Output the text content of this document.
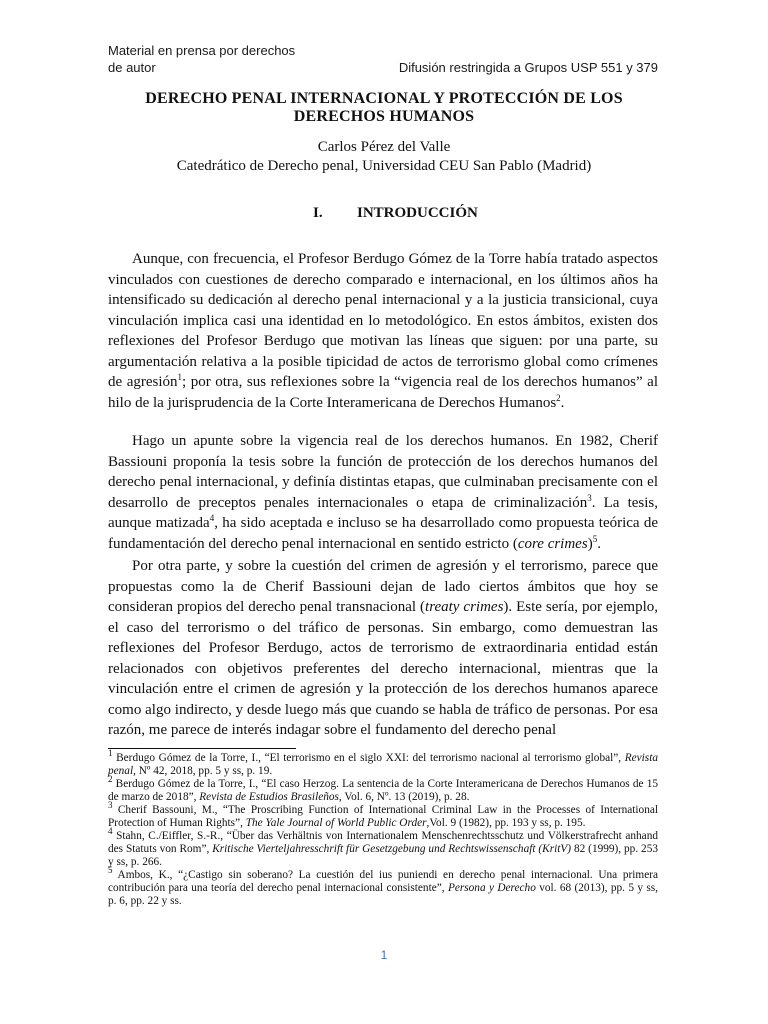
Material en prensa por derechos
de autor	Difusión restringida a Grupos USP 551 y 379
DERECHO PENAL INTERNACIONAL Y PROTECCIÓN DE LOS
DERECHOS HUMANOS
Carlos Pérez del Valle
Catedrático de Derecho penal, Universidad CEU San Pablo (Madrid)
I. INTRODUCCIÓN

Aunque, con frecuencia, el Profesor Berdugo Gómez de la Torre había tratado aspectos vinculados con cuestiones de derecho comparado e internacional, en los últimos años ha intensificado su dedicación al derecho penal internacional y a la justicia transicional, cuya vinculación implica casi una identidad en lo metodológico. En estos ámbitos, existen dos reflexiones del Profesor Berdugo que motivan las líneas que siguen: por una parte, su argumentación relativa a la posible tipicidad de actos de terrorismo global como crímenes de agresión$^1$; por otra, sus reflexiones sobre la “vigencia real de los derechos humanos” al hilo de la jurisprudencia de la Corte Interamericana de Derechos Humanos$^2$.

Hago un apunte sobre la vigencia real de los derechos humanos. En 1982, Cherif Bassiouni proponía la tesis sobre la función de protección de los derechos humanos del derecho penal internacional, y definía distintas etapas, que culminaban precisamente con el desarrollo de preceptos penales internacionales o etapa de criminalización$^3$. La tesis, aunque matizada$^4$, ha sido aceptada e incluso se ha desarrollado como propuesta teórica de fundamentación del derecho penal internacional en sentido estricto (core crimes)$^5$.

Por otra parte, y sobre la cuestión del crimen de agresión y el terrorismo, parece que propuestas como la de Cherif Bassiouni dejan de lado ciertos ámbitos que hoy se consideran propios del derecho penal transnacional (treaty crimes). Este sería, por ejemplo, el caso del terrorismo o del tráfico de personas. Sin embargo, como demuestran las reflexiones del Profesor Berdugo, actos de terrorismo de extraordinaria entidad están relacionados con objetivos preferentes del derecho internacional, mientras que la vinculación entre el crimen de agresión y la protección de los derechos humanos aparece como algo indirecto, y desde luego más que cuando se habla de tráfico de personas. Por esa razón, me parece de interés indagar sobre el fundamento del derecho penal

$^1$ Berdugo Gómez de la Torre, I., “El terrorismo en el siglo XXI: del terrorismo nacional al terrorismo global”, Revista penal, Nº 42, 2018, pp. 5 y ss, p. 19.

$^2$ Berdugo Gómez de la Torre, I., “El caso Herzog. La sentencia de la Corte Interamericana de Derechos Humanos de 15 de marzo de 2018”, Revista de Estudios Brasileños, Vol. 6, Nº. 13 (2019), p. 28.

$^3$ Cherif Bassouni, M., “The Proscribing Function of International Criminal Law in the Processes of International Protection of Human Rights”, The Yale Journal of World Public Order,Vol. 9 (1982), pp. 193 y ss, p. 195.

$^4$ Stahn, C./Eiffler, S.-R., “Über das Verhältnis von Internationalem Menschenrechtsschutz und Völkerstrafrecht anhand des Statuts von Rom”, Kritische Vierteljahresschrift für Gesetzgebung und Rechtswissenschaft (KritV) 82 (1999), pp. 253 y ss, p. 266.

$^5$ Ambos, K., “¿Castigo sin soberano? La cuestión del ius puniendi en derecho penal internacional. Una primera contribución para una teoría del derecho penal internacional consistente”, Persona y Derecho vol. 68 (2013), pp. 5 y ss, p. 6, pp. 22 y ss.

1
